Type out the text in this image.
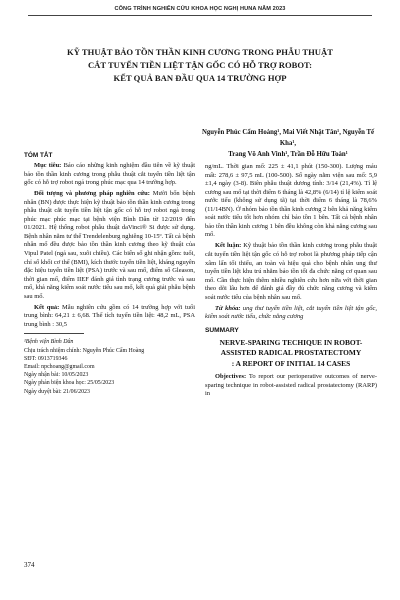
CÔNG TRÌNH NGHIÊN CỨU KHOA HỌC NGHỊ HUNA NĂM 2023
KỸ THUẬT BẢO TỒN THẦN KINH CƯƠNG TRONG PHẪU THUẬT
CẮT TUYẾN TIỀN LIỆT TẬN GỐC CÓ HỖ TRỢ ROBOT:
KẾT QUẢ BAN ĐẦU QUA 14 TRƯỜNG HỢP
Nguyễn Phúc Cẩm Hoàng¹, Mai Viết Nhật Tân¹, Nguyễn Tế Kha¹,
Trang Võ Anh Vinh¹, Trần Đỗ Hữu Toàn¹
TÓM TẮT

Mục tiêu: Báo cáo những kinh nghiệm đầu tiên về kỹ thuật bảo tồn thần kinh cương trong phẫu thuật cắt tuyến tiền liệt tận gốc có hỗ trợ robot ngả trong phúc mạc qua 14 trường hợp.

Đối tượng và phương pháp nghiên cứu: Mười bốn bệnh nhân (BN) được thực hiện kỹ thuật bảo tồn thần kinh cương trong phẫu thuật cắt tuyến tiền liệt tận gốc có hỗ trợ robot ngả trong phúc mạc phúc mạc tại bệnh viện Bình Dân từ 12/2019 đến 01/2021. Hệ thống robot phẫu thuật daVinci® Si được sử dụng. Bệnh nhân nằm tư thế Trendelenburg nghiêng 10-15º. Tất cả bệnh nhân mổ đều được bảo tồn thần kinh cương theo kỹ thuật của Vipul Patel (ngả sau, xuôi chiều). Các biến số ghi nhận gồm: tuổi, chỉ số khối cơ thể (BMI), kích thước tuyến tiền liệt, kháng nguyên đặc hiệu tuyến tiền liệt (PSA) trước và sau mổ, điểm số Gleason, thời gian mổ, điểm IIEF đánh giá tình trạng cương trước và sau mổ, khả năng kiểm soát nước tiểu sau mổ, kết quả giải phẫu bệnh sau mổ.

Kết quả: Mẫu nghiên cứu gồm có 14 trường hợp với tuổi trung bình: 64,21 ± 6,68. Thể tích tuyến tiền liệt: 48,2 mL, PSA trung bình : 30,5

¹Bệnh viện Bình Dân
Chịu trách nhiệm chính: Nguyễn Phúc Cẩm Hoàng
SĐT: 0913719346
Email: npchoang@gmail.com
Ngày nhận bài: 10/05/2023
Ngày phản biện khoa học: 25/05/2023
Ngày duyệt bài: 21/06/2023
374

ng/mL. Thời gian mổ: 225 ± 41,1 phút (150-300). Lượng máu mất: 278,6 ± 97,5 mL (100-500). Số ngày nằm viện sau mổ: 5,9 ±1,4 ngày (3-8). Biên phẫu thuật dương tính: 3/14 (21,4%). Tỉ lệ cương sau mổ tại thời điểm 6 tháng là 42,8% (6/14) tỉ lệ kiểm soát nước tiểu (không sử dụng tã) tại thời điểm 6 tháng là 78,6% (11/14BN). Ở nhóm bảo tồn thần kinh cương 2 bên khả năng kiểm soát nước tiểu tốt hơn nhóm chỉ bảo tồn 1 bên. Tất cả bệnh nhân bảo tồn thần kinh cương 1 bên đều không còn khả năng cương sau mổ.

Kết luận: Kỹ thuật bảo tồn thần kinh cương trong phẫu thuật cắt tuyến tiền liệt tận gốc có hỗ trợ robot là phương pháp tiếp cận xâm lấn tối thiểu, an toàn và hiệu quả cho bệnh nhân ung thư tuyến tiền liệt khu trú nhằm bảo tồn tối đa chức năng cơ quan sau mổ. Cần thực hiện thêm nhiều nghiên cứu hơn nữa với thời gian theo dõi lâu hơn để đánh giá đầy đủ chức năng cương và kiểm soát nước tiểu của bệnh nhân sau mổ.

Từ khóa: ung thư tuyến tiền liệt, cắt tuyến tiền liệt tận gốc, kiểm soát nước tiểu, chức năng cương

SUMMARY
NERVE-SPARING TECHIQUE IN ROBOT-ASSISTED RADICAL PROSTATECTOMY : A REPORT OF INITIAL 14 CASES

Objectives: To report our perioperative outcomes of nerve-sparing technique in robot-assisted radical prostatectomy (RARP) in
